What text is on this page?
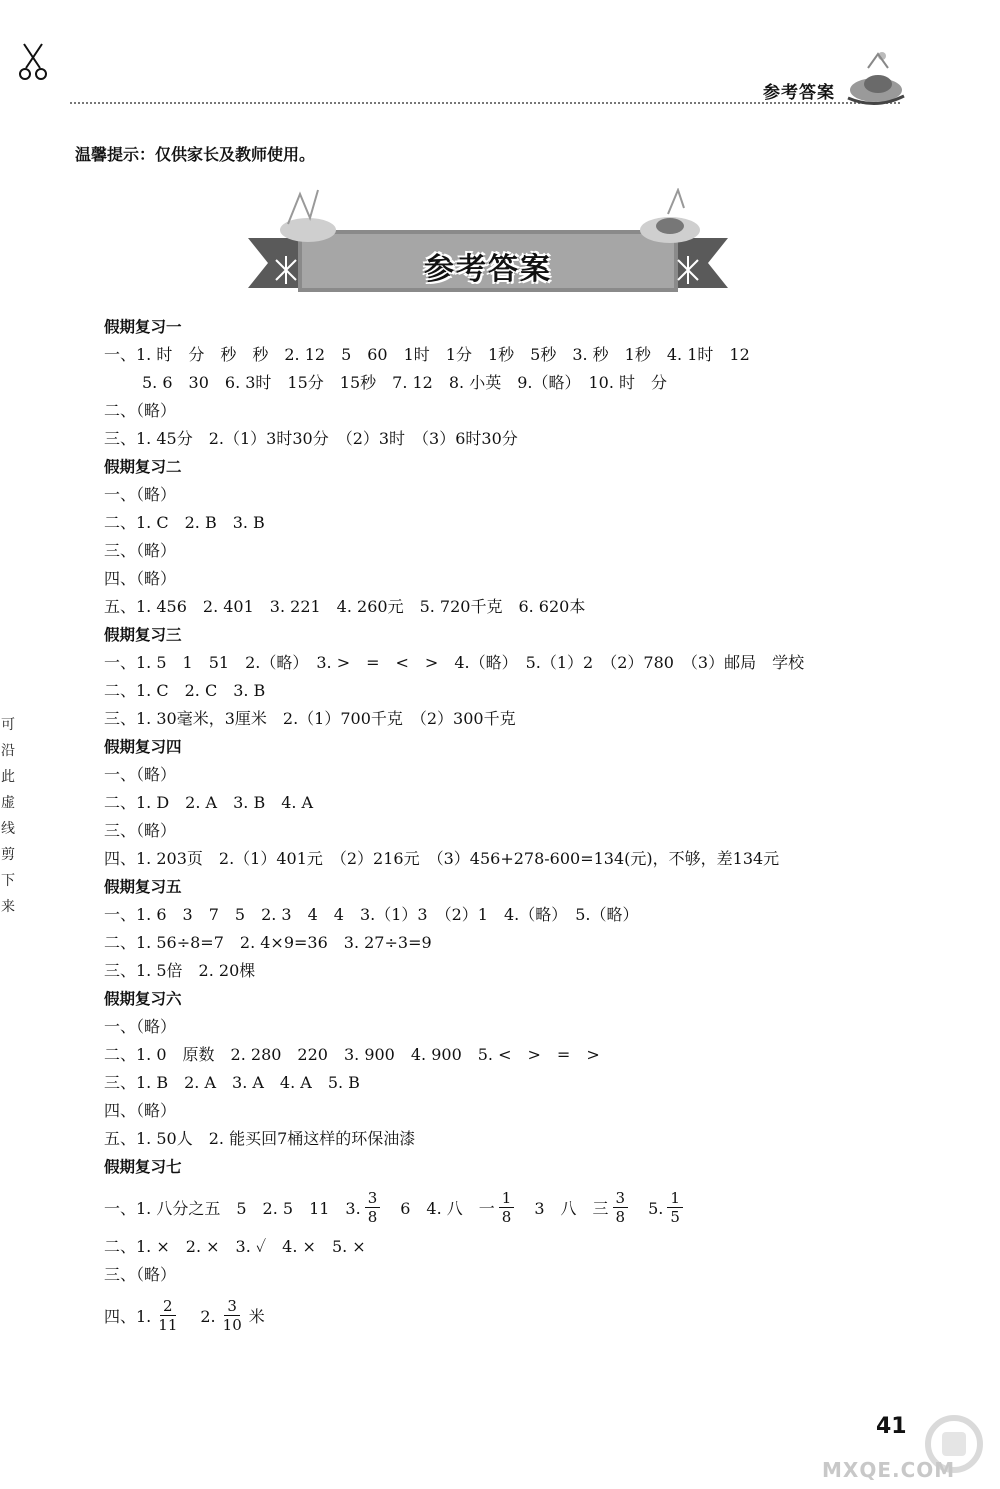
参考答案
温馨提示：仅供家长及教师使用。
参考答案
可
沿
此
虚
线
剪
下
来
假期复习一
一、1. 时　分　秒　秒　2. 12　5　60　1时　1分　1秒　5秒　3. 秒　1秒　4. 1时　12
5. 6　30　6. 3时　15分　15秒　7. 12　8. 小英　9.（略）　10. 时　分
二、（略）
三、1. 45分　2.（1）3时30分　（2）3时　（3）6时30分
假期复习二
一、（略）
二、1. C　2. B　3. B
三、（略）
四、（略）
五、1. 456　2. 401　3. 221　4. 260元　5. 720千克　6. 620本
假期复习三
一、1. 5　1　51　2.（略）　3. >　=　<　>　4.（略）　5.（1）2　（2）780　（3）邮局　学校
二、1. C　2. C　3. B
三、1. 30毫米，3厘米　2.（1）700千克　（2）300千克
假期复习四
一、（略）
二、1. D　2. A　3. B　4. A
三、（略）
四、1. 203页　2.（1）401元　（2）216元　（3）456+278-600=134(元)，不够，差134元
假期复习五
一、1. 6　3　7　5　2. 3　4　4　3.（1）3　（2）1　4.（略）　5.（略）
二、1. 56÷8=7　2. 4×9=36　3. 27÷3=9
三、1. 5倍　2. 20棵
假期复习六
一、（略）
二、1. 0　原数　2. 280　220　3. 900　4. 900　5. <　>　=　>
三、1. B　2. A　3. A　4. A　5. B
四、（略）
五、1. 50人　2. 能买回7桶这样的环保油漆
假期复习七
一、1. 八分之五　5　2. 5　11　3. $\frac{3}{8}$ 　6　4. 八　一 $\frac{1}{8}$ 　3　八　三 $\frac{3}{8}$ 　5. $\frac{1}{5}$
二、1. ×　2. ×　3. ✓　4. ×　5. ×
三、（略）
四、1. $\frac{2}{11}$ 　2. $\frac{3}{10}$ 米
41
MXQE.COM
